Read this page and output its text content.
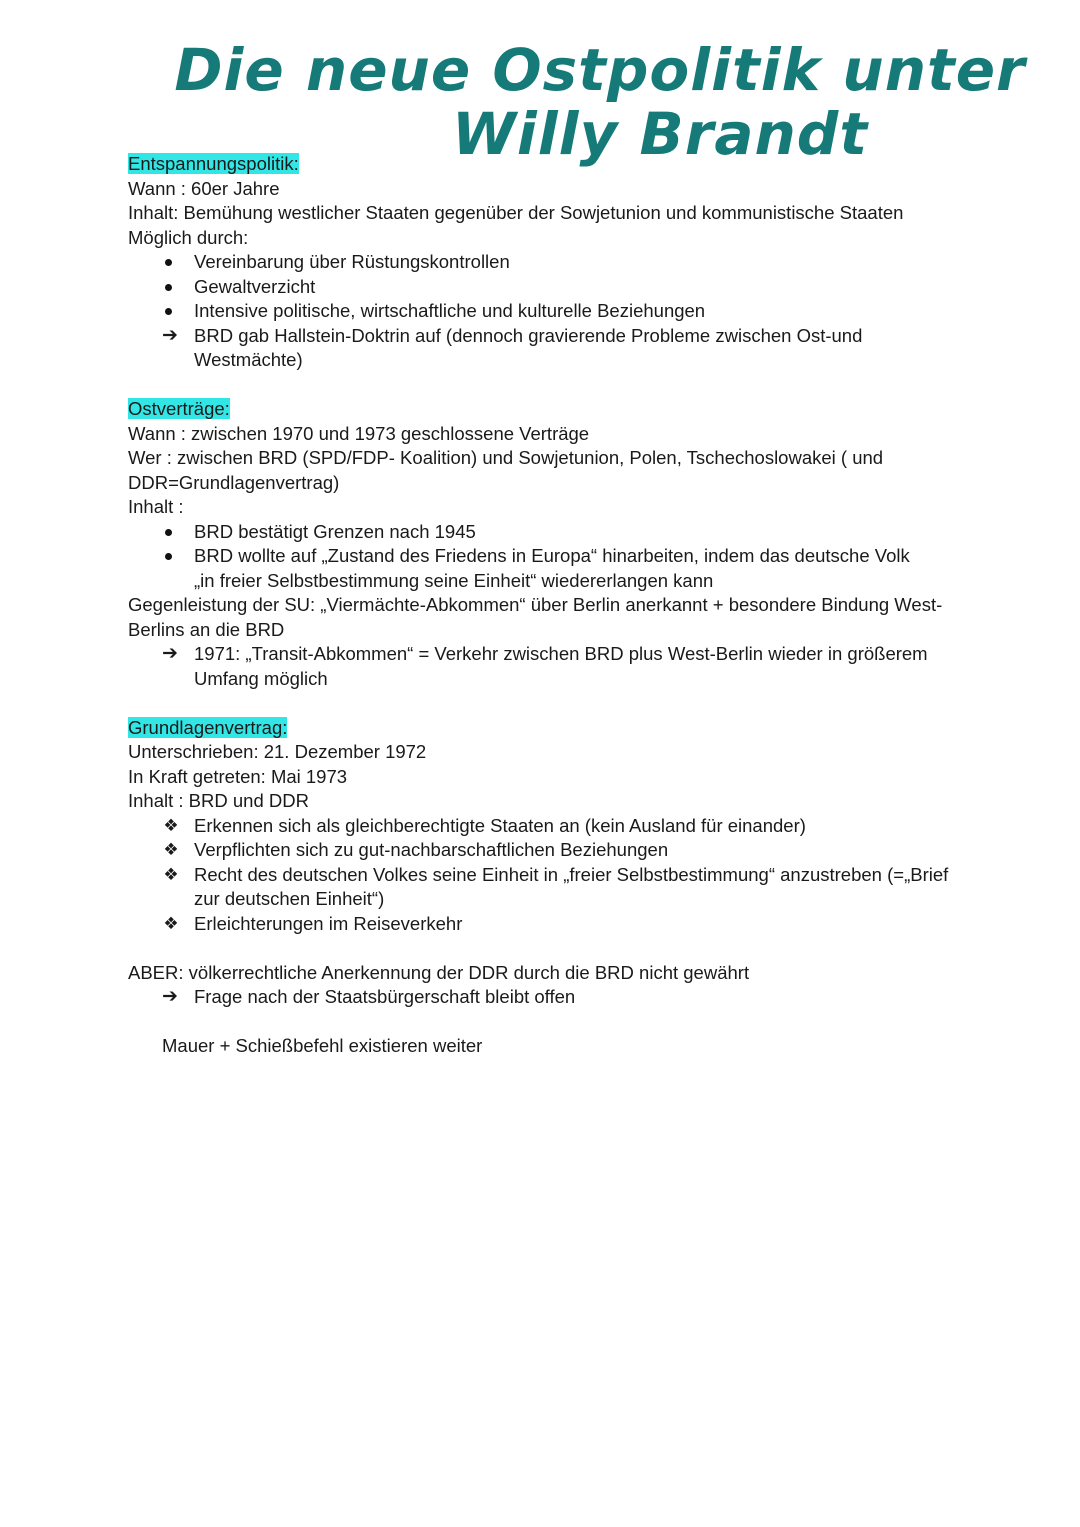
Die neue Ostpolitik unter
Willy Brandt
Entspannungspolitik:
Wann : 60er Jahre
Inhalt: Bemühung westlicher Staaten gegenüber der Sowjetunion und kommunistische Staaten
Möglich durch:
Vereinbarung über Rüstungskontrollen
Gewaltverzicht
Intensive politische, wirtschaftliche und kulturelle Beziehungen
➔ BRD gab Hallstein-Doktrin auf (dennoch gravierende Probleme zwischen Ost-und
Westmächte)
Ostverträge:
Wann : zwischen 1970 und 1973 geschlossene Verträge
Wer : zwischen BRD (SPD/FDP- Koalition) und Sowjetunion, Polen, Tschechoslowakei ( und
DDR=Grundlagenvertrag)
Inhalt :
BRD bestätigt Grenzen nach 1945
BRD wollte auf „Zustand des Friedens in Europa“ hinarbeiten, indem das deutsche Volk
„in freier Selbstbestimmung seine Einheit“ wiedererlangen kann
Gegenleistung der SU: „Viermächte-Abkommen“ über Berlin anerkannt + besondere Bindung West-
Berlins an die BRD
➔ 1971: „Transit-Abkommen“ = Verkehr zwischen BRD plus West-Berlin wieder in größerem
Umfang möglich
Grundlagenvertrag:
Unterschrieben: 21. Dezember 1972
In Kraft getreten: Mai 1973
Inhalt : BRD und DDR
❖ Erkennen sich als gleichberechtigte Staaten an (kein Ausland für einander)
❖ Verpflichten sich zu gut-nachbarschaftlichen Beziehungen
❖ Recht des deutschen Volkes seine Einheit in „freier Selbstbestimmung“ anzustreben (=„Brief
zur deutschen Einheit“)
❖ Erleichterungen im Reiseverkehr
ABER: völkerrechtliche Anerkennung der DDR durch die BRD nicht gewährt
➔ Frage nach der Staatsbürgerschaft bleibt offen
Mauer + Schießbefehl existieren weiter
